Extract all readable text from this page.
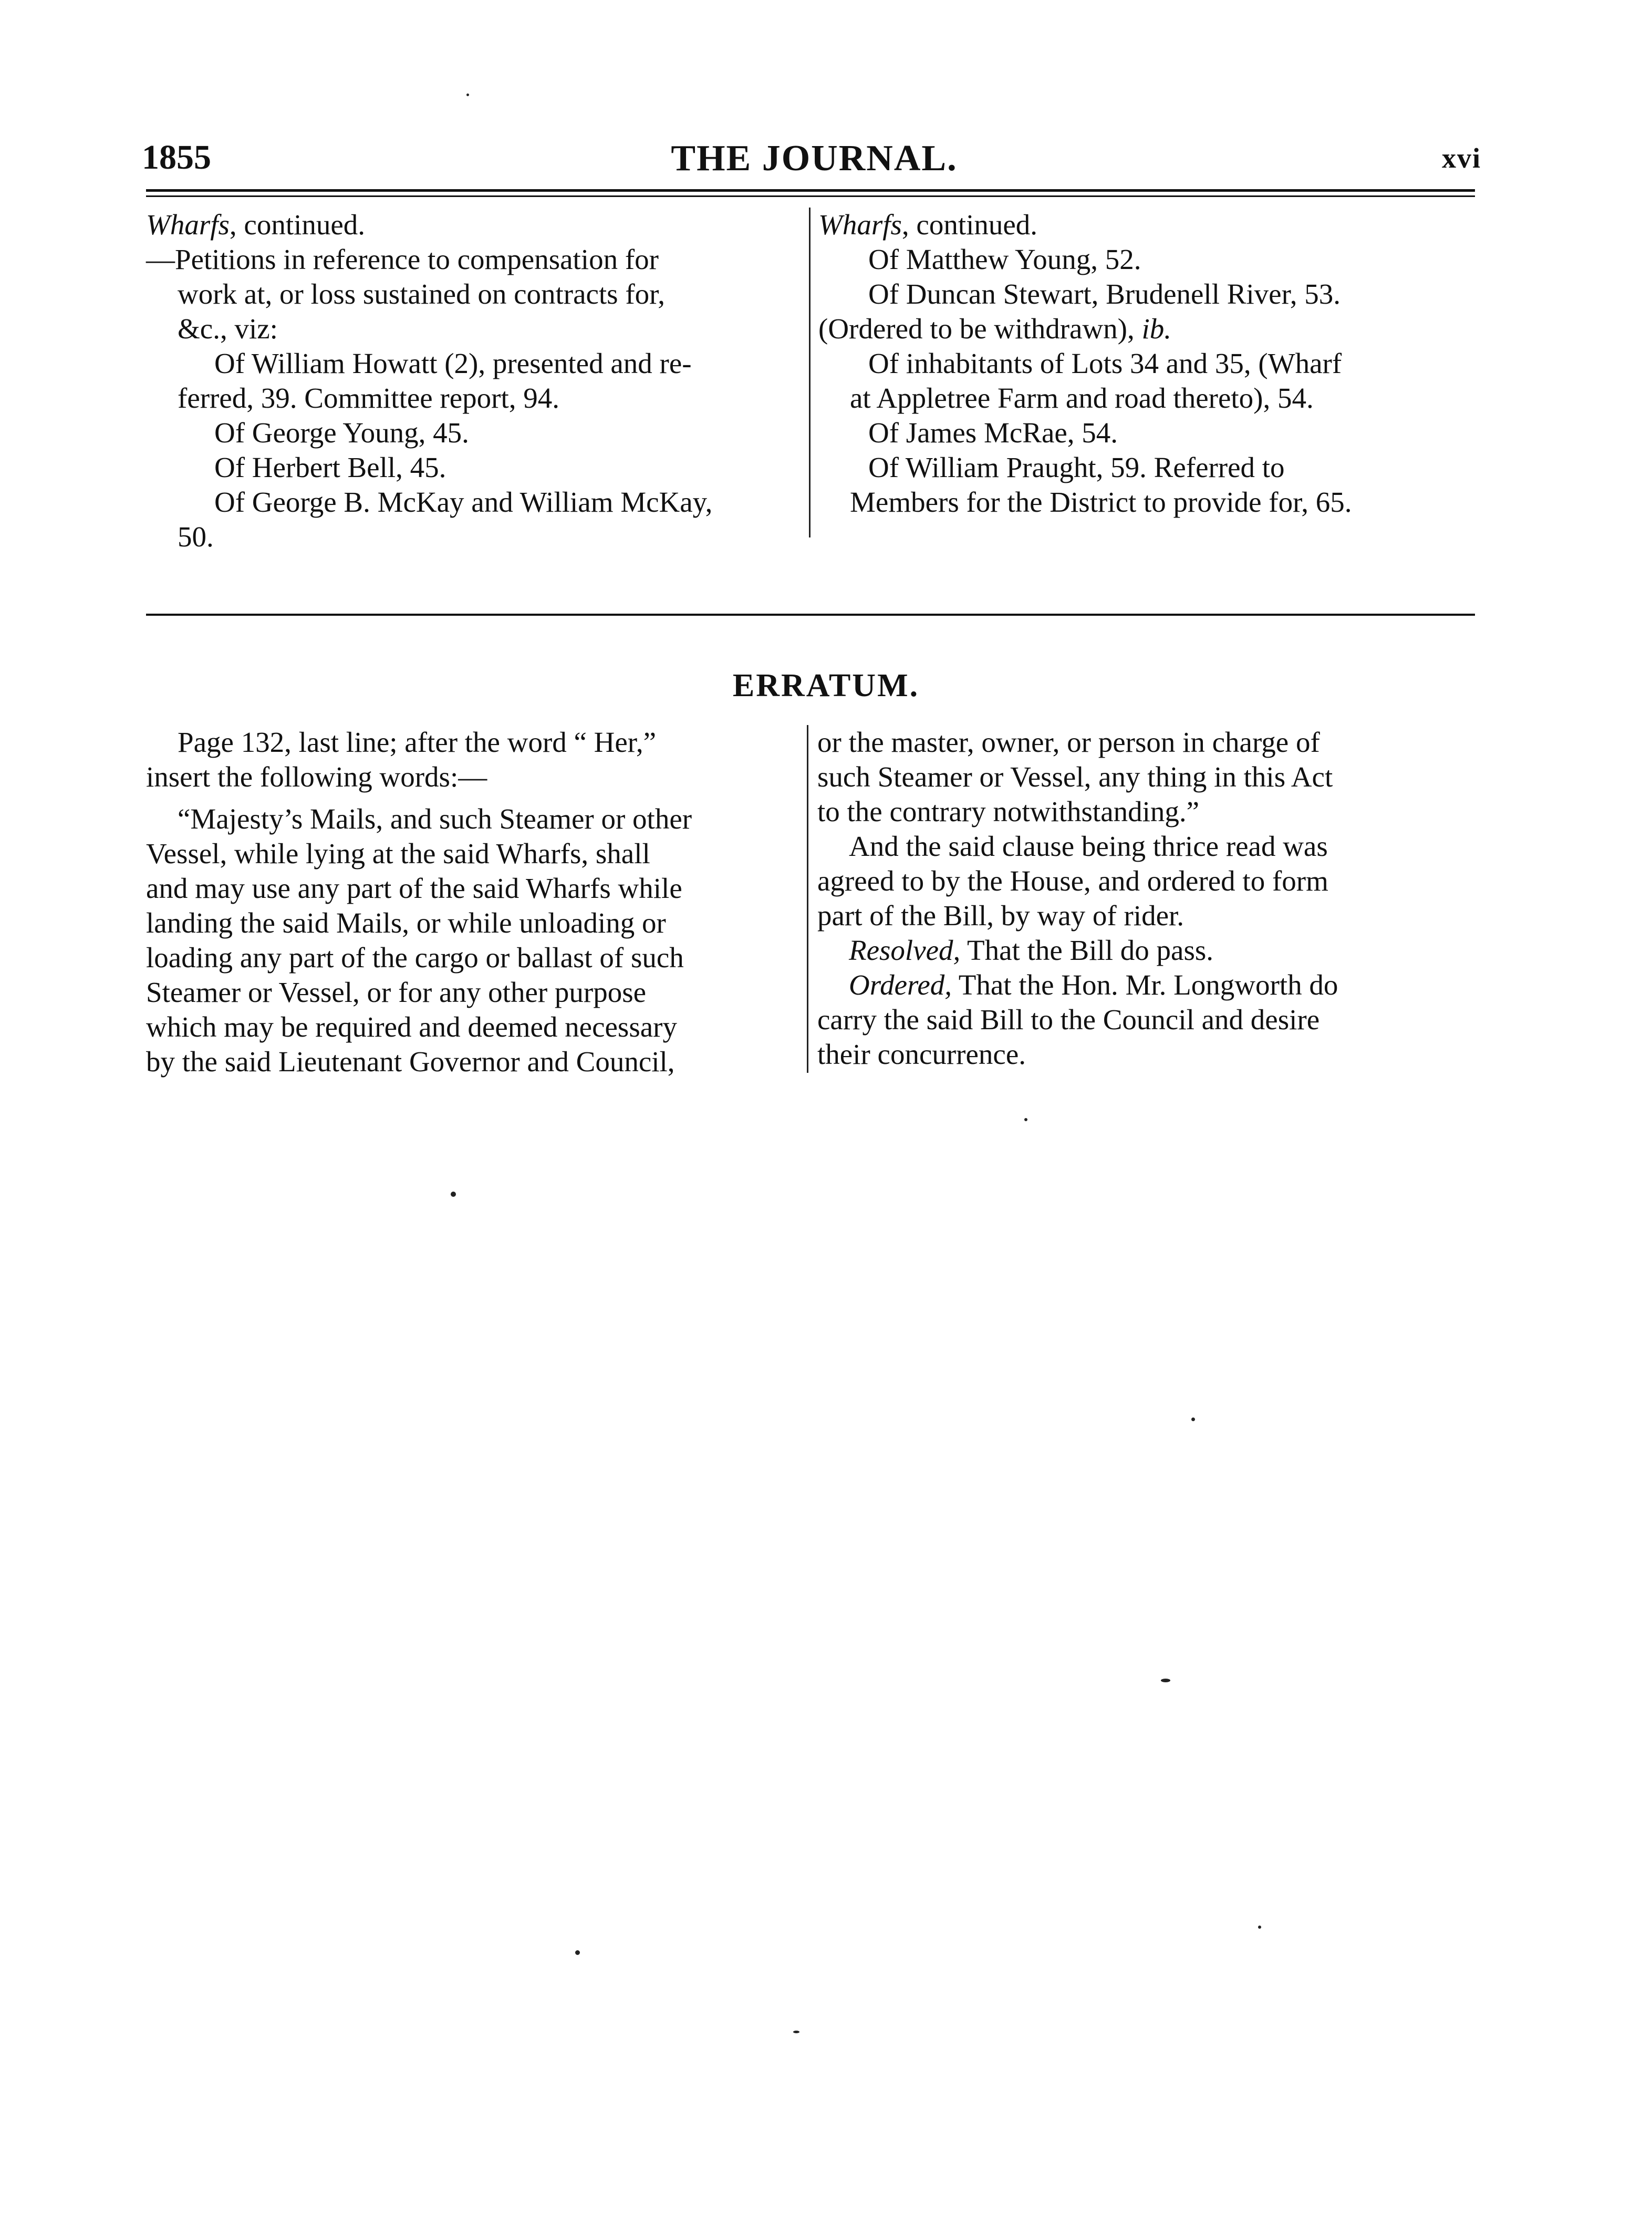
1855	THE JOURNAL.	xvi
Wharfs, continued.
—Petitions in reference to compensation for
work at, or loss sustained on contracts for,
&c., viz:
Of William Howatt (2), presented and re-
ferred, 39. Committee report, 94.
Of George Young, 45.
Of Herbert Bell, 45.
Of George B. McKay and William McKay,
50.
Wharfs, continued.
Of Matthew Young, 52.
Of Duncan Stewart, Brudenell River, 53.
(Ordered to be withdrawn), ib.
Of inhabitants of Lots 34 and 35, (Wharf
at Appletree Farm and road thereto), 54.
Of James McRae, 54.
Of William Praught, 59. Referred to
Members for the District to provide for, 65.
ERRATUM.
Page 132, last line; after the word “ Her,”
insert the following words:—
“Majesty’s Mails, and such Steamer or other
Vessel, while lying at the said Wharfs, shall
and may use any part of the said Wharfs while
landing the said Mails, or while unloading or
loading any part of the cargo or ballast of such
Steamer or Vessel, or for any other purpose
which may be required and deemed necessary
by the said Lieutenant Governor and Council,
or the master, owner, or person in charge of
such Steamer or Vessel, any thing in this Act
to the contrary notwithstanding.”
And the said clause being thrice read was
agreed to by the House, and ordered to form
part of the Bill, by way of rider.
Resolved, That the Bill do pass.
Ordered, That the Hon. Mr. Longworth do
carry the said Bill to the Council and desire
their concurrence.
